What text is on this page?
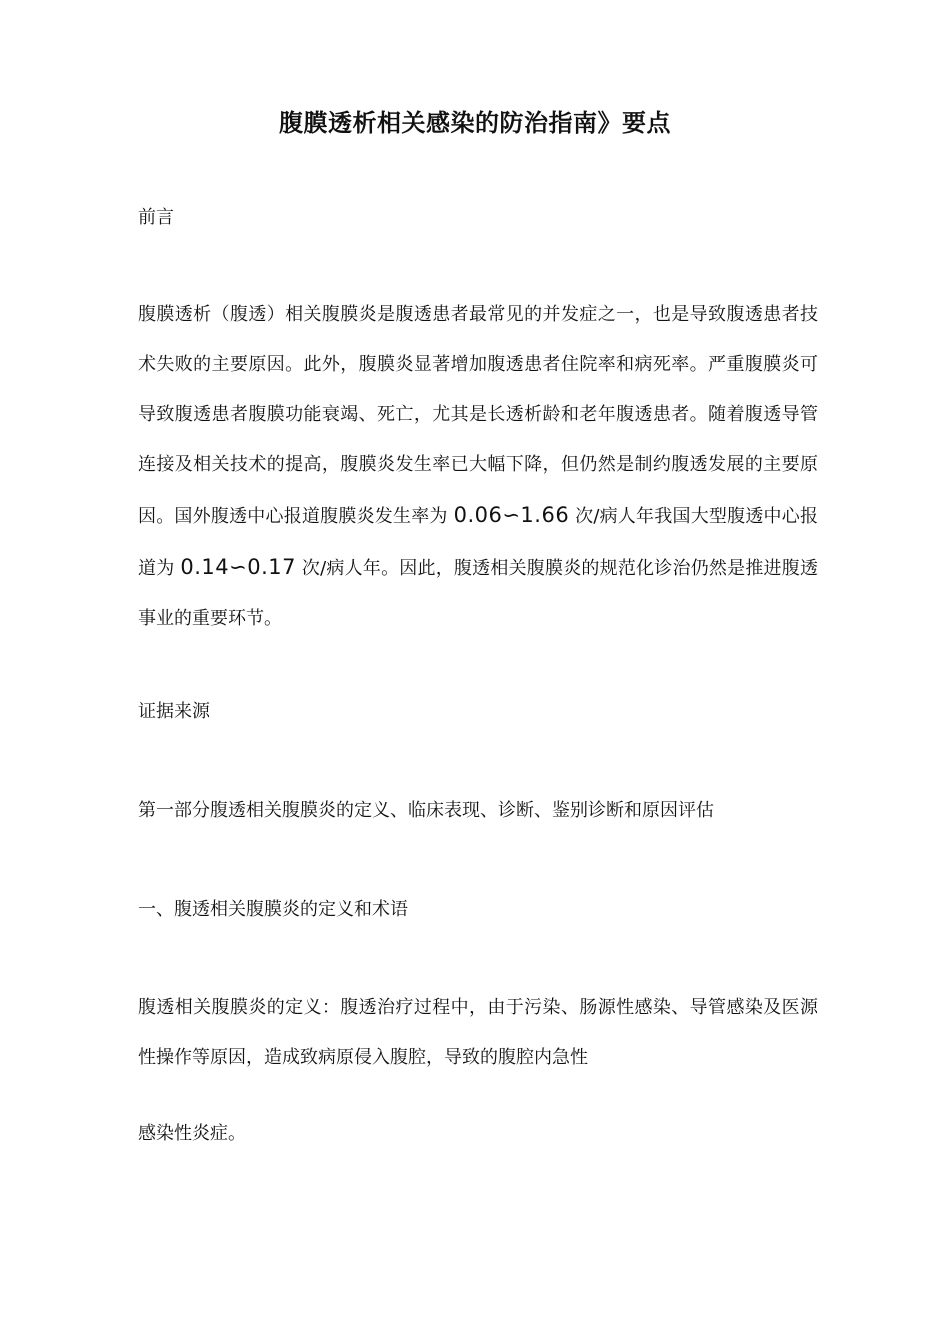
腹膜透析相关感染的防治指南》要点

前言

腹膜透析（腹透）相关腹膜炎是腹透患者最常见的并发症之一，也是导致腹透患者技术失败的主要原因。此外，腹膜炎显著增加腹透患者住院率和病死率。严重腹膜炎可导致腹透患者腹膜功能衰竭、死亡，尤其是长透析龄和老年腹透患者。随着腹透导管连接及相关技术的提高，腹膜炎发生率已大幅下降，但仍然是制约腹透发展的主要原因。国外腹透中心报道腹膜炎发生率为 0.06∽1.66 次/病人年我国大型腹透中心报道为 0.14∽0.17 次/病人年。因此，腹透相关腹膜炎的规范化诊治仍然是推进腹透事业的重要环节。

证据来源

第一部分腹透相关腹膜炎的定义、临床表现、诊断、鉴别诊断和原因评估

一、腹透相关腹膜炎的定义和术语

腹透相关腹膜炎的定义：腹透治疗过程中，由于污染、肠源性感染、导管感染及医源性操作等原因，造成致病原侵入腹腔，导致的腹腔内急性

感染性炎症。
